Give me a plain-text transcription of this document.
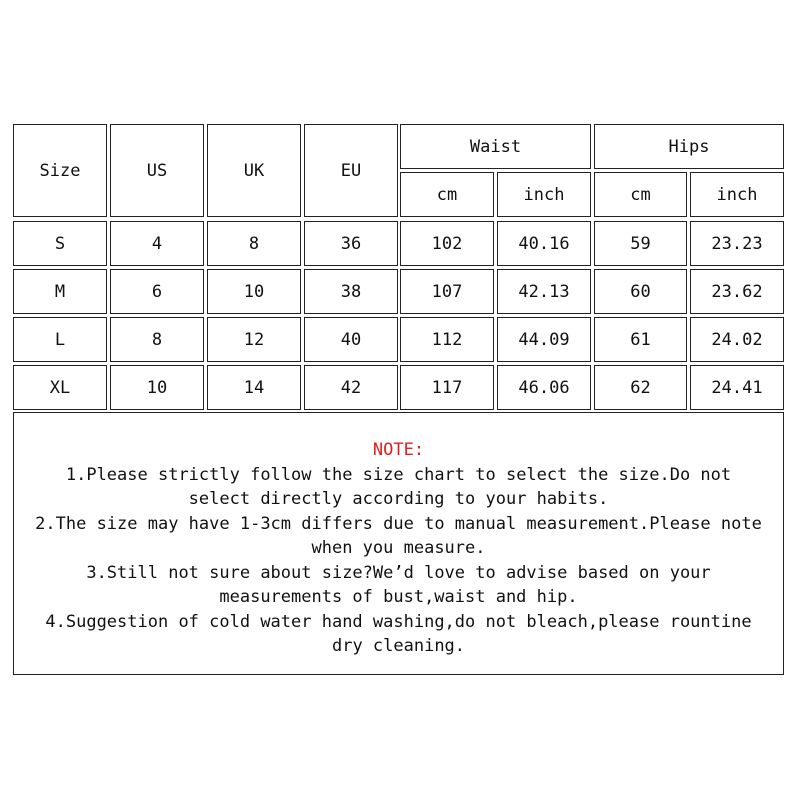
Size	US	UK	EU
Waist	Hips
cm	inch	cm	inch
S	4	8	36	102	40.16	59	23.23
M	6	10	38	107	42.13	60	23.62
L	8	12	40	112	44.09	61	24.02
XL	10	14	42	117	46.06	62	24.41
NOTE:
1.Please strictly follow the size chart to select the size.Do not
select directly according to your habits.
2.The size may have 1-3cm differs due to manual measurement.Please note
when you measure.
3.Still not sure about size?We’d love to advise based on your
measurements of bust,waist and hip.
4.Suggestion of cold water hand washing,do not bleach,please rountine
dry cleaning.
